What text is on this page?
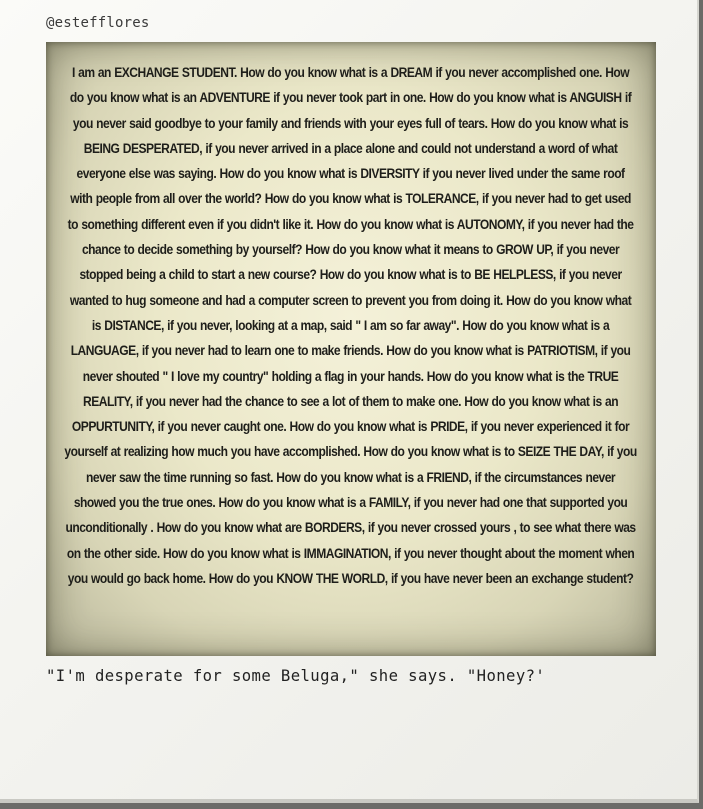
@estefflores

I am an EXCHANGE STUDENT. How do you know what is a DREAM if you never accomplished one. How do you know what is an ADVENTURE if you never took part in one. How do you know what is ANGUISH if you never said goodbye to your family and friends with your eyes full of tears. How do you know what is BEING DESPERATED, if you never arrived in a place alone and could not understand a word of what everyone else was saying. How do you know what is DIVERSITY if you never lived under the same roof with people from all over the world? How do you know what is TOLERANCE, if you never had to get used to something different even if you didn't like it. How do you know what is AUTONOMY, if you never had the chance to decide something by yourself? How do you know what it means to GROW UP, if you never stopped being a child to start a new course? How do you know what is to BE HELPLESS, if you never wanted to hug someone and had a computer screen to prevent you from doing it. How do you know what is DISTANCE, if you never, looking at a map, said " I am so far away". How do you know what is a LANGUAGE, if you never had to learn one to make friends. How do you know what is PATRIOTISM, if you never shouted " I love my country" holding a flag in your hands. How do you know what is the TRUE REALITY, if you never had the chance to see a lot of them to make one. How do you know what is an OPPURTUNITY, if you never caught one. How do you know what is PRIDE, if you never experienced it for yourself at realizing how much you have accomplished. How do you know what is to SEIZE THE DAY, if you never saw the time running so fast. How do you know what is a FRIEND, if the circumstances never showed you the true ones. How do you know what is a FAMILY, if you never had one that supported you unconditionally . How do you know what are BORDERS, if you never crossed yours , to see what there was on the other side. How do you know what is IMMAGINATION, if you never thought about the moment when you would go back home. How do you KNOW THE WORLD, if you have never been an exchange student?

"I'm desperate for some Beluga," she says. "Honey?'
